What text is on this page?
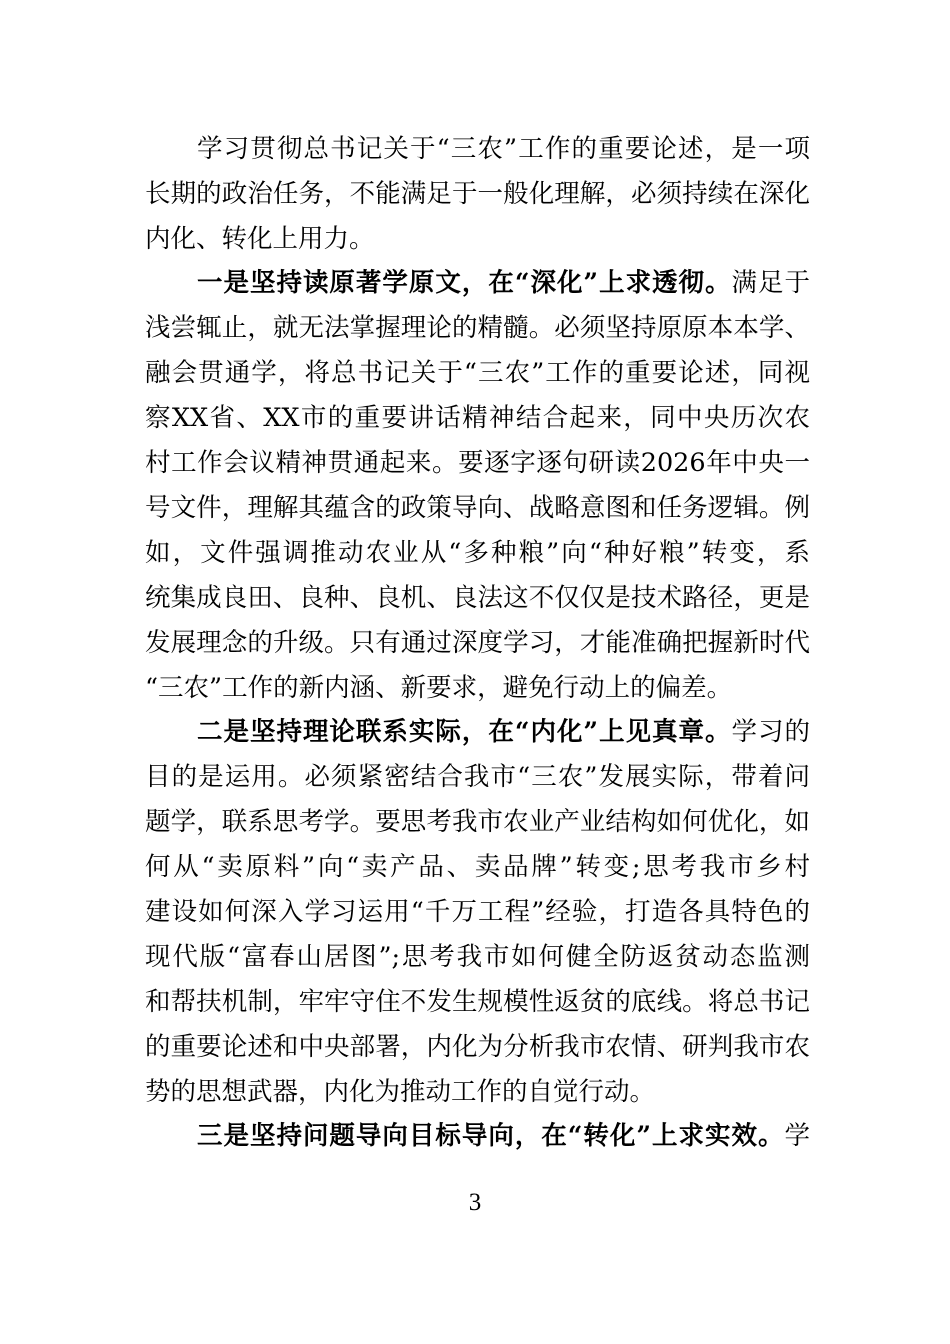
学习贯彻总书记关于“三农”工作的重要论述，是一项
长期的政治任务，不能满足于一般化理解，必须持续在深化
内化、转化上用力。
一是坚持读原著学原文，在“深化”上求透彻。满足于
浅尝辄止，就无法掌握理论的精髓。必须坚持原原本本学、
融会贯通学，将总书记关于“三农”工作的重要论述，同视
察XX省、XX市的重要讲话精神结合起来，同中央历次农
村工作会议精神贯通起来。要逐字逐句研读2026年中央一
号文件，理解其蕴含的政策导向、战略意图和任务逻辑。例
如，文件强调推动农业从“多种粮”向“种好粮”转变，系
统集成良田、良种、良机、良法这不仅仅是技术路径，更是
发展理念的升级。只有通过深度学习，才能准确把握新时代
“三农”工作的新内涵、新要求，避免行动上的偏差。
二是坚持理论联系实际，在“内化”上见真章。学习的
目的是运用。必须紧密结合我市“三农”发展实际，带着问
题学，联系思考学。要思考我市农业产业结构如何优化，如
何从“卖原料”向“卖产品、卖品牌”转变;思考我市乡村
建设如何深入学习运用“千万工程”经验，打造各具特色的
现代版“富春山居图”;思考我市如何健全防返贫动态监测
和帮扶机制，牢牢守住不发生规模性返贫的底线。将总书记
的重要论述和中央部署，内化为分析我市农情、研判我市农
势的思想武器，内化为推动工作的自觉行动。
三是坚持问题导向目标导向，在“转化”上求实效。学
3
